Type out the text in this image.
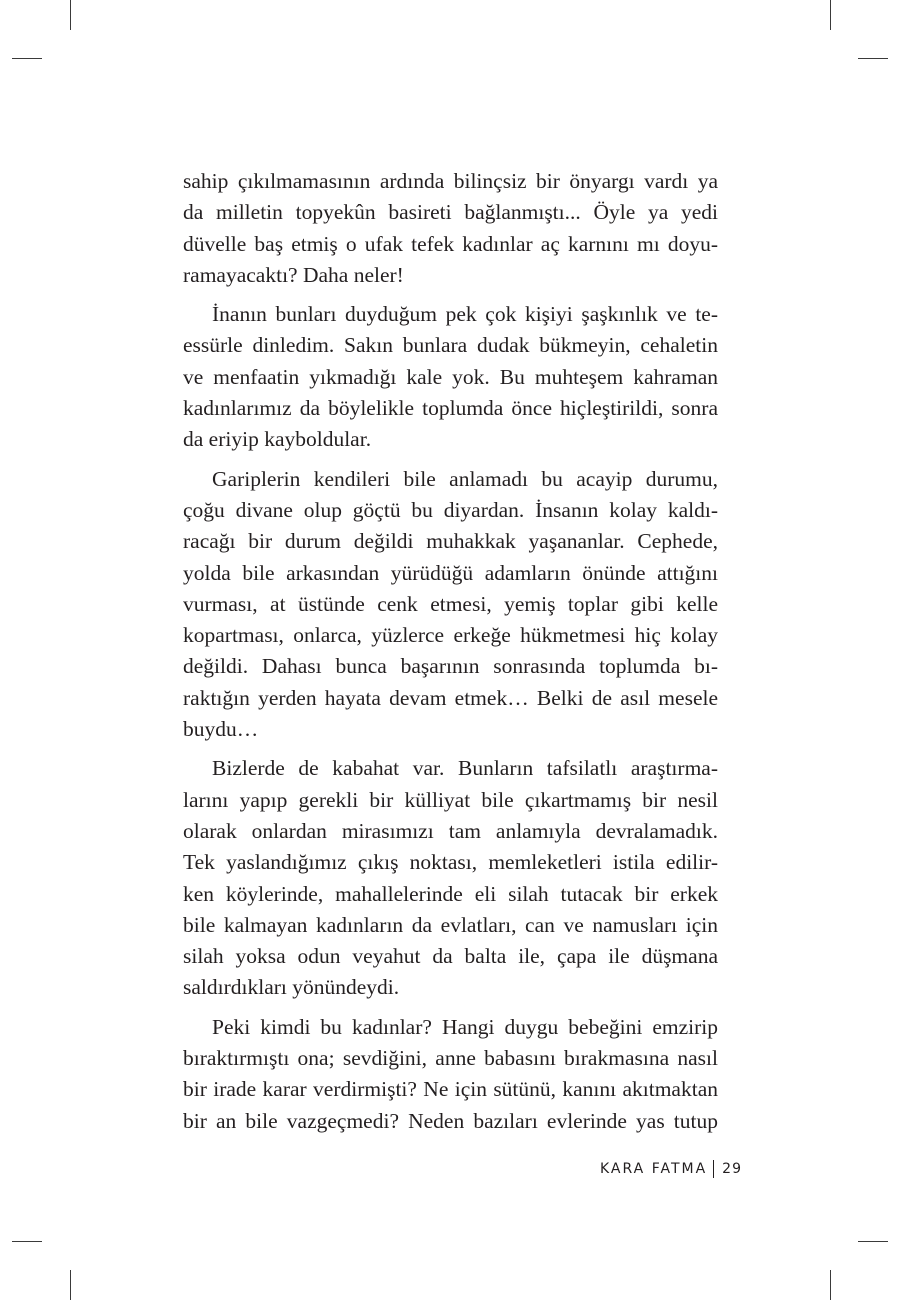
sahip çıkılmamasının ardında bilinçsiz bir önyargı vardı ya
da milletin topyekûn basireti bağlanmıştı... Öyle ya yedi
düvelle baş etmiş o ufak tefek kadınlar aç karnını mı doyu-
ramayacaktı? Daha neler!
İnanın bunları duyduğum pek çok kişiyi şaşkınlık ve te-
essürle dinledim. Sakın bunlara dudak bükmeyin, cehaletin
ve menfaatin yıkmadığı kale yok. Bu muhteşem kahraman
kadınlarımız da böylelikle toplumda önce hiçleştirildi, sonra
da eriyip kayboldular.
Gariplerin kendileri bile anlamadı bu acayip durumu,
çoğu divane olup göçtü bu diyardan. İnsanın kolay kaldı-
racağı bir durum değildi muhakkak yaşananlar. Cephede,
yolda bile arkasından yürüdüğü adamların önünde attığını
vurması, at üstünde cenk etmesi, yemiş toplar gibi kelle
kopartması, onlarca, yüzlerce erkeğe hükmetmesi hiç kolay
değildi. Dahası bunca başarının sonrasında toplumda bı-
raktığın yerden hayata devam etmek… Belki de asıl mesele
buydu…
Bizlerde de kabahat var. Bunların tafsilatlı araştırma-
larını yapıp gerekli bir külliyat bile çıkartmamış bir nesil
olarak onlardan mirasımızı tam anlamıyla devralamadık.
Tek yaslandığımız çıkış noktası, memleketleri istila edilir-
ken köylerinde, mahallelerinde eli silah tutacak bir erkek
bile kalmayan kadınların da evlatları, can ve namusları için
silah yoksa odun veyahut da balta ile, çapa ile düşmana
saldırdıkları yönündeydi.
Peki kimdi bu kadınlar? Hangi duygu bebeğini emzirip
bıraktırmıştı ona; sevdiğini, anne babasını bırakmasına nasıl
bir irade karar verdirmişti? Ne için sütünü, kanını akıtmaktan
bir an bile vazgeçmedi? Neden bazıları evlerinde yas tutup
KARA FATMA 29
